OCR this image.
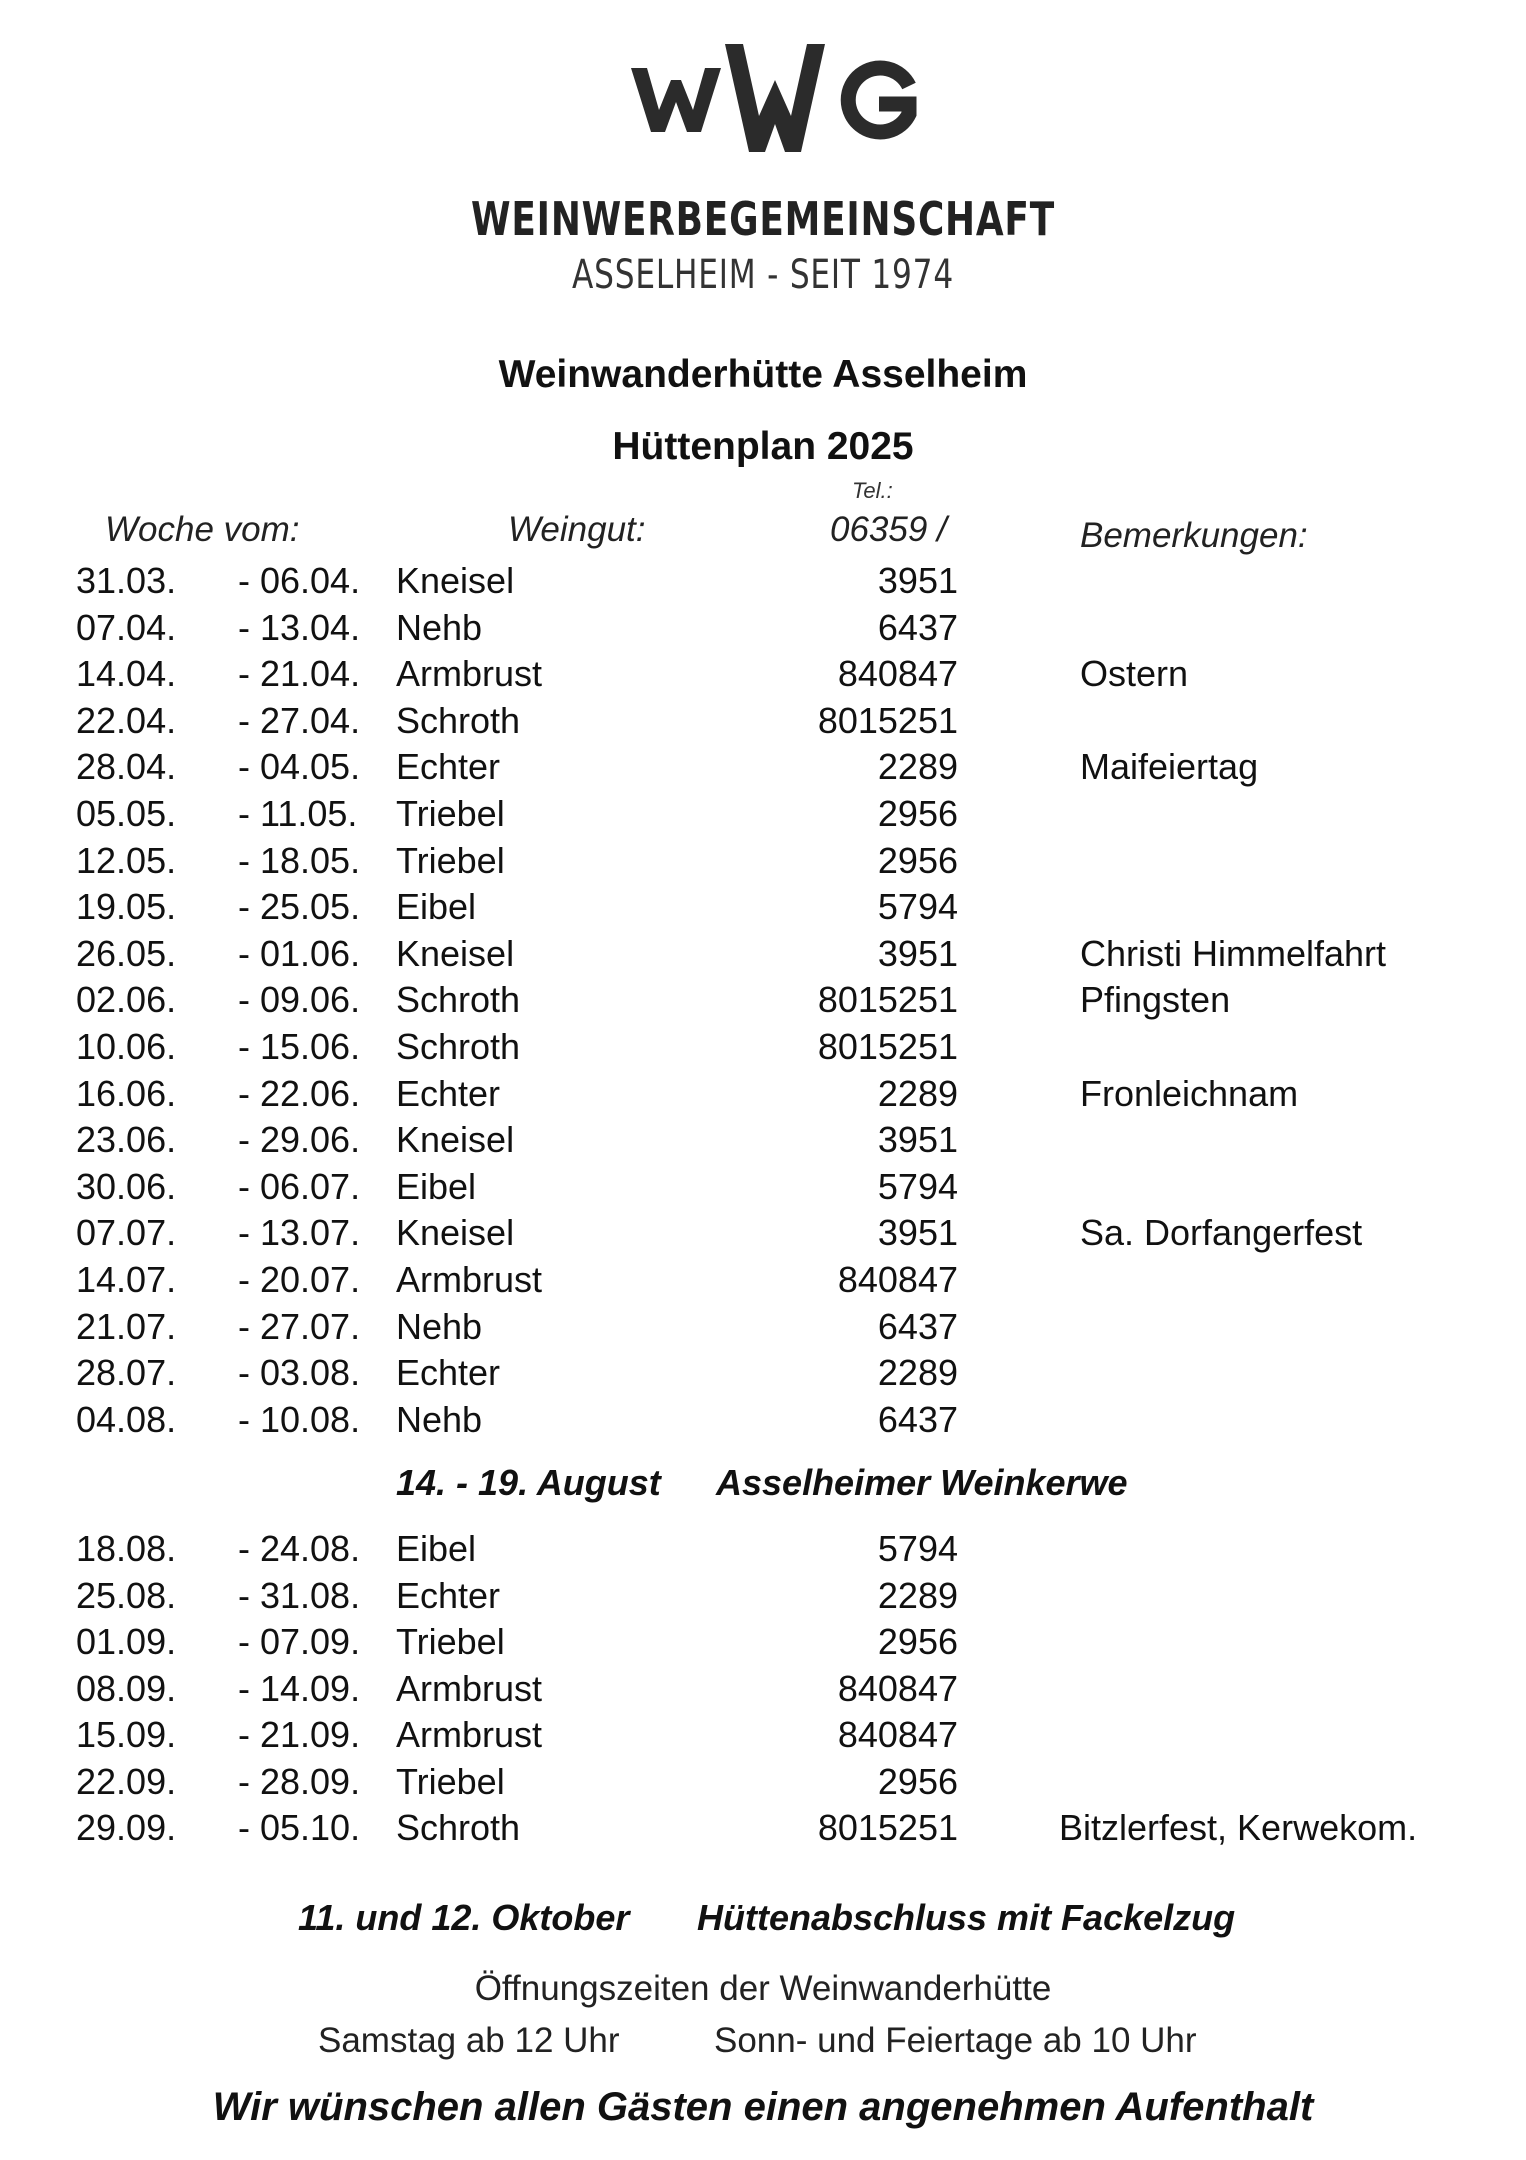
WEINWERBEGEMEINSCHAFT
ASSELHEIM - SEIT 1974
Weinwanderhütte Asselheim
Hüttenplan 2025
Tel.:
Woche vom:	Weingut:	06359 /	Bemerkungen:
31.03. - 06.04. Kneisel	3951
07.04. - 13.04. Nehb	6437
14.04. - 21.04. Armbrust	840847	Ostern
22.04. - 27.04. Schroth	8015251
28.04. - 04.05. Echter	2289	Maifeiertag
05.05. - 11.05. Triebel	2956
12.05. - 18.05. Triebel	2956
19.05. - 25.05. Eibel	5794
26.05. - 01.06. Kneisel	3951	Christi Himmelfahrt
02.06. - 09.06. Schroth	8015251	Pfingsten
10.06. - 15.06. Schroth	8015251
16.06. - 22.06. Echter	2289	Fronleichnam
23.06. - 29.06. Kneisel	3951
30.06. - 06.07. Eibel	5794
07.07. - 13.07. Kneisel	3951	Sa. Dorfangerfest
14.07. - 20.07. Armbrust	840847
21.07. - 27.07. Nehb	6437
28.07. - 03.08. Echter	2289
04.08. - 10.08. Nehb	6437
14. - 19. August Asselheimer Weinkerwe
18.08. - 24.08. Eibel	5794
25.08. - 31.08. Echter	2289
01.09. - 07.09. Triebel	2956
08.09. - 14.09. Armbrust	840847
15.09. - 21.09. Armbrust	840847
22.09. - 28.09. Triebel	2956
29.09. - 05.10. Schroth	8015251	Bitzlerfest, Kerwekom.
11. und 12. Oktober Hüttenabschluss mit Fackelzug
Öffnungszeiten der Weinwanderhütte
Samstag ab 12 Uhr	Sonn- und Feiertage ab 10 Uhr
Wir wünschen allen Gästen einen angenehmen Aufenthalt
